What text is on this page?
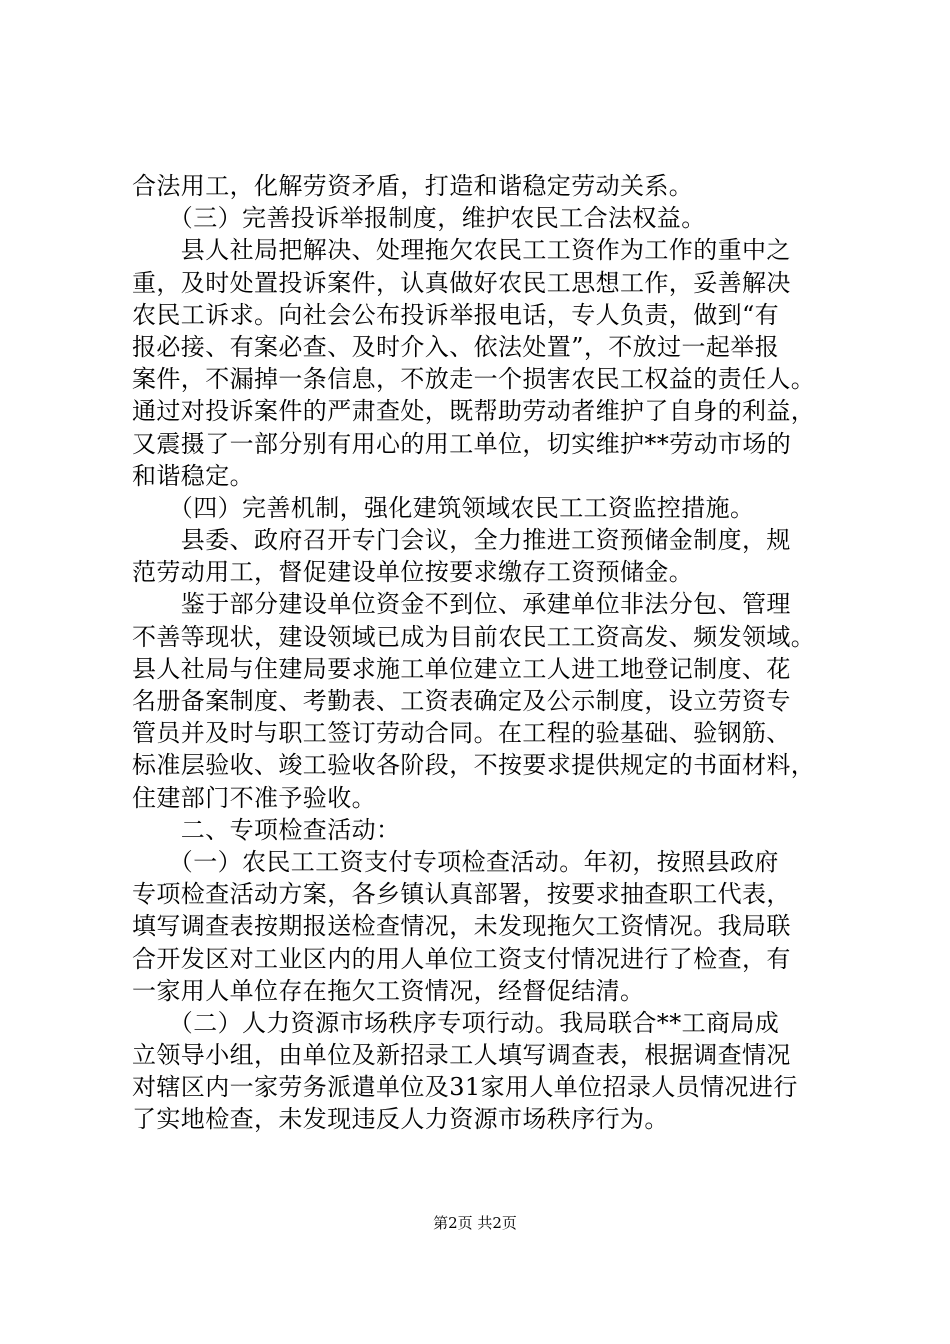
合法用工，化解劳资矛盾，打造和谐稳定劳动关系。
　　（三）完善投诉举报制度，维护农民工合法权益。
　　县人社局把解决、处理拖欠农民工工资作为工作的重中之
重，及时处置投诉案件，认真做好农民工思想工作，妥善解决
农民工诉求。向社会公布投诉举报电话，专人负责，做到“有
报必接、有案必查、及时介入、依法处置”，不放过一起举报
案件，不漏掉一条信息，不放走一个损害农民工权益的责任人。
通过对投诉案件的严肃查处，既帮助劳动者维护了自身的利益，
又震摄了一部分别有用心的用工单位，切实维护**劳动市场的
和谐稳定。
　　（四）完善机制，强化建筑领域农民工工资监控措施。
　　县委、政府召开专门会议，全力推进工资预储金制度，规
范劳动用工，督促建设单位按要求缴存工资预储金。
　　鉴于部分建设单位资金不到位、承建单位非法分包、管理
不善等现状，建设领域已成为目前农民工工资高发、频发领域。
县人社局与住建局要求施工单位建立工人进工地登记制度、花
名册备案制度、考勤表、工资表确定及公示制度，设立劳资专
管员并及时与职工签订劳动合同。在工程的验基础、验钢筋、
标准层验收、竣工验收各阶段，不按要求提供规定的书面材料，
住建部门不准予验收。
　　二、专项检查活动：
　　（一）农民工工资支付专项检查活动。年初，按照县政府
专项检查活动方案，各乡镇认真部署，按要求抽查职工代表，
填写调查表按期报送检查情况，未发现拖欠工资情况。我局联
合开发区对工业区内的用人单位工资支付情况进行了检查，有
一家用人单位存在拖欠工资情况，经督促结清。
　　（二）人力资源市场秩序专项行动。我局联合**工商局成
立领导小组，由单位及新招录工人填写调查表，根据调查情况
对辖区内一家劳务派遣单位及31家用人单位招录人员情况进行
了实地检查，未发现违反人力资源市场秩序行为。
第2页 共2页
